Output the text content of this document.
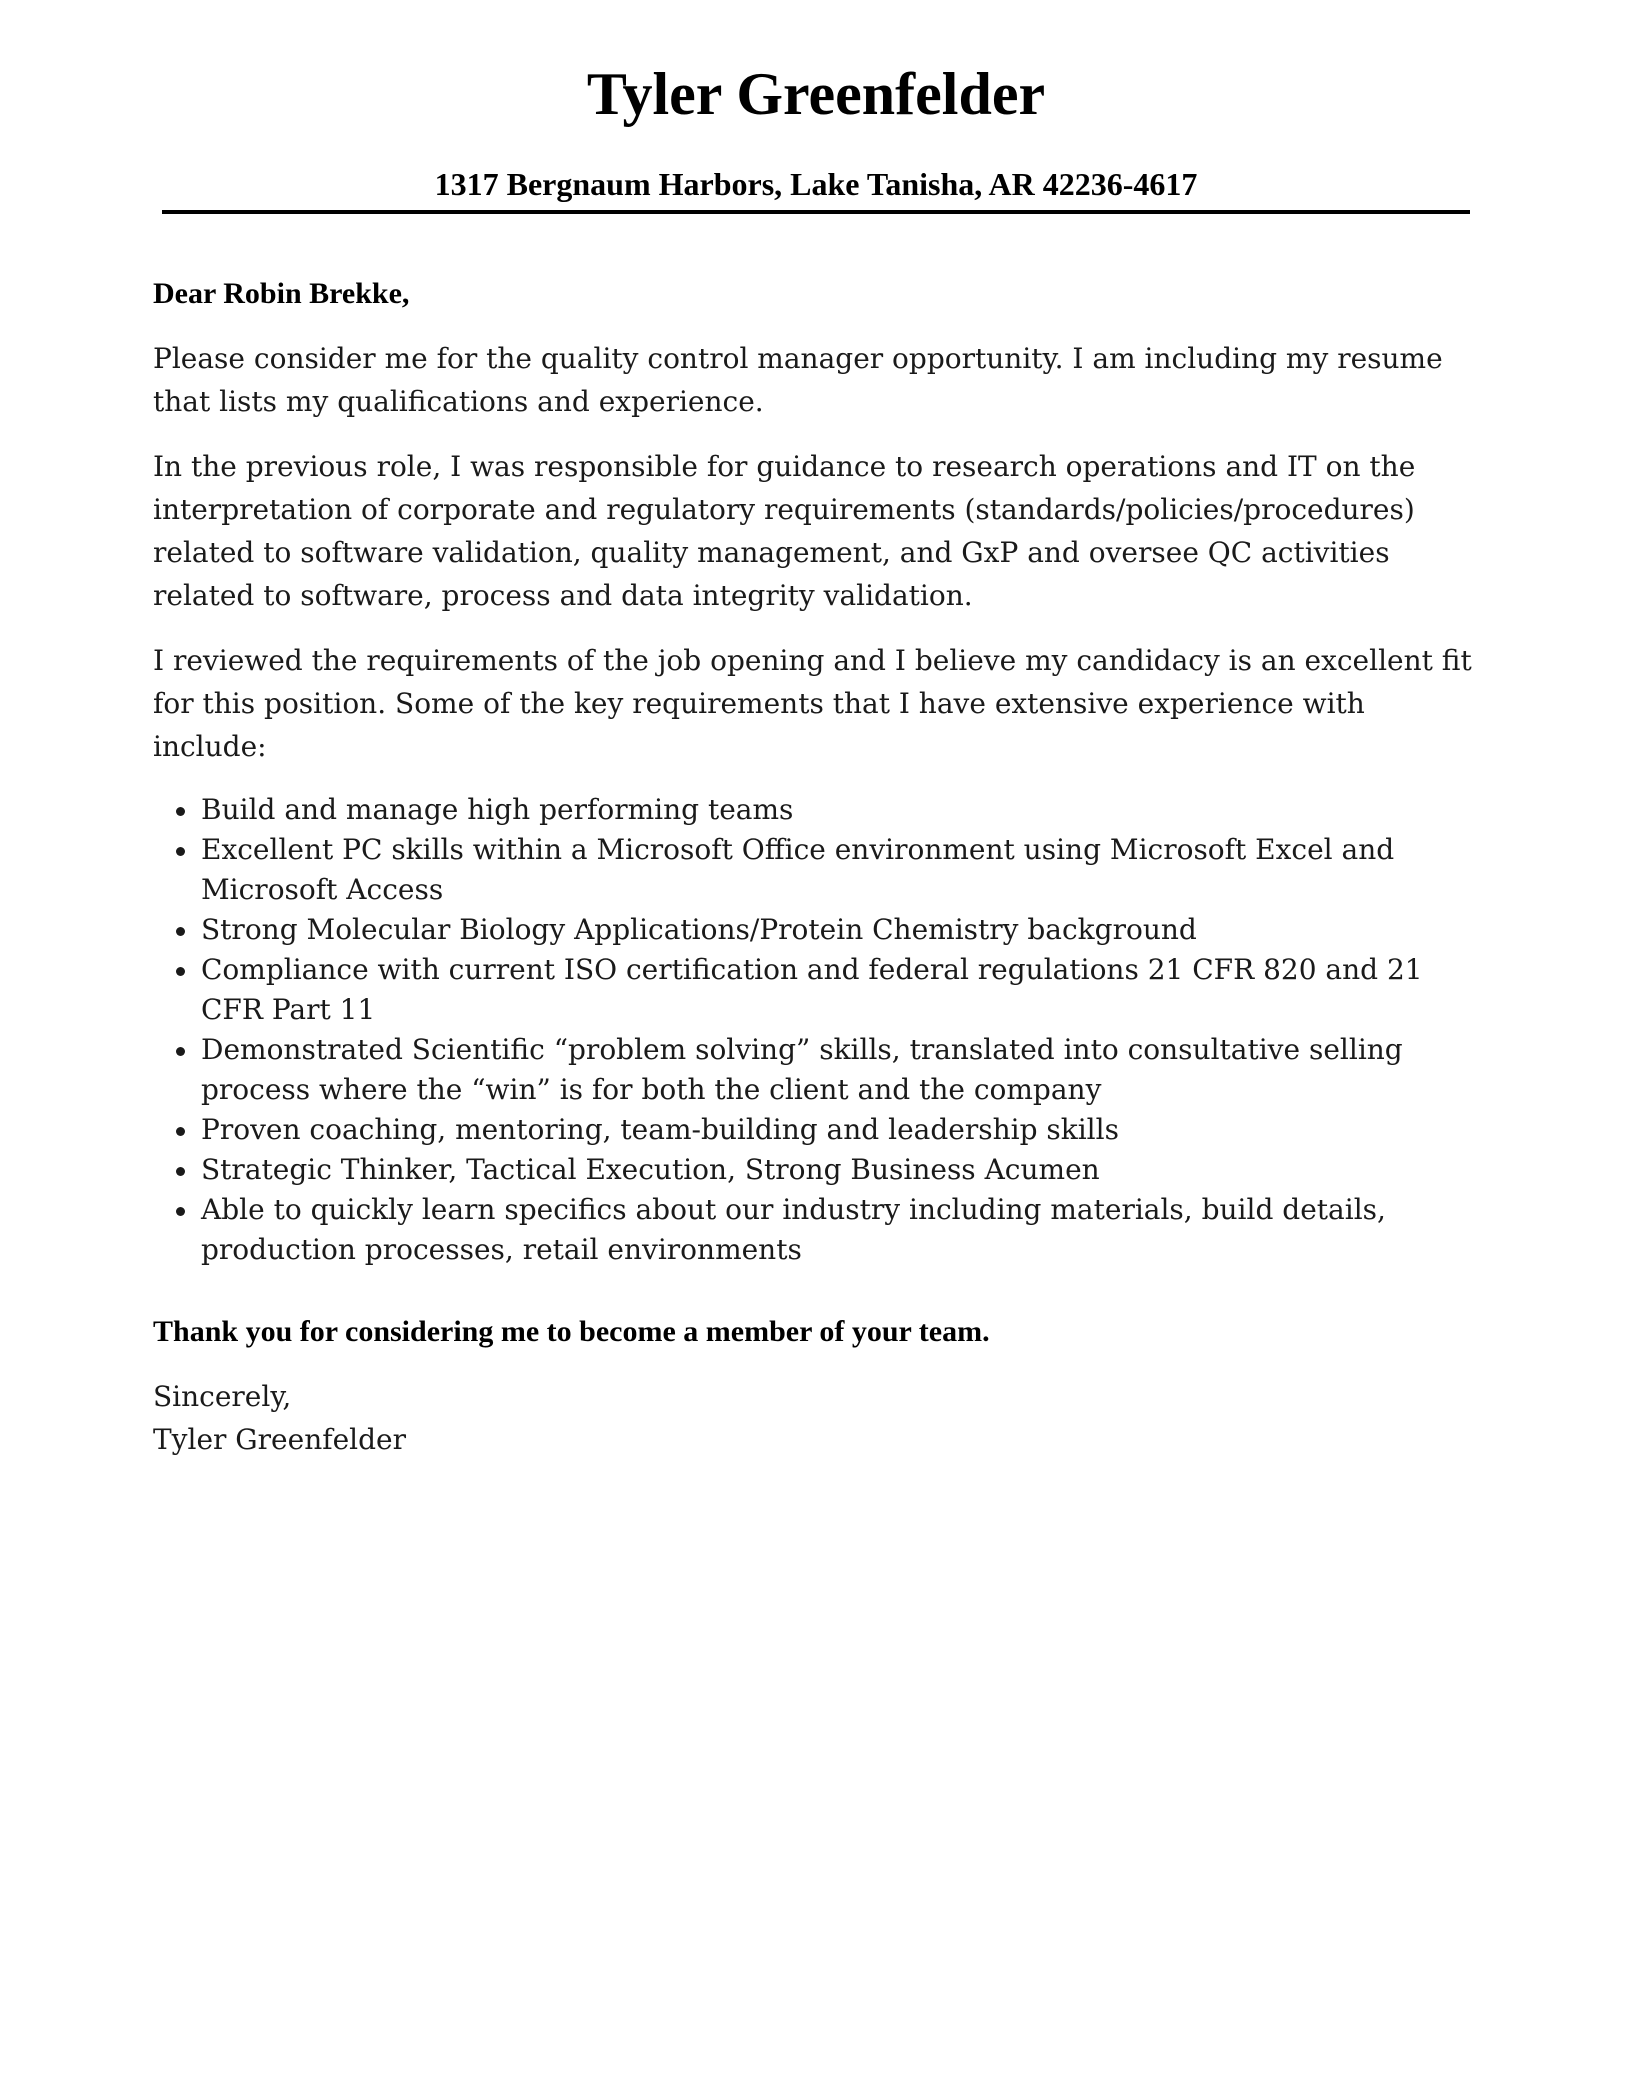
Tyler Greenfelder
1317 Bergnaum Harbors, Lake Tanisha, AR 42236-4617

Dear Robin Brekke,

Please consider me for the quality control manager opportunity. I am including my resume that lists my qualifications and experience.

In the previous role, I was responsible for guidance to research operations and IT on the interpretation of corporate and regulatory requirements (standards/policies/procedures) related to software validation, quality management, and GxP and oversee QC activities related to software, process and data integrity validation.

I reviewed the requirements of the job opening and I believe my candidacy is an excellent fit for this position. Some of the key requirements that I have extensive experience with include:

Build and manage high performing teams
Excellent PC skills within a Microsoft Office environment using Microsoft Excel and Microsoft Access
Strong Molecular Biology Applications/Protein Chemistry background
Compliance with current ISO certification and federal regulations 21 CFR 820 and 21 CFR Part 11
Demonstrated Scientific “problem solving” skills, translated into consultative selling process where the “win” is for both the client and the company
Proven coaching, mentoring, team-building and leadership skills
Strategic Thinker, Tactical Execution, Strong Business Acumen
Able to quickly learn specifics about our industry including materials, build details, production processes, retail environments

Thank you for considering me to become a member of your team.

Sincerely,

Tyler Greenfelder
